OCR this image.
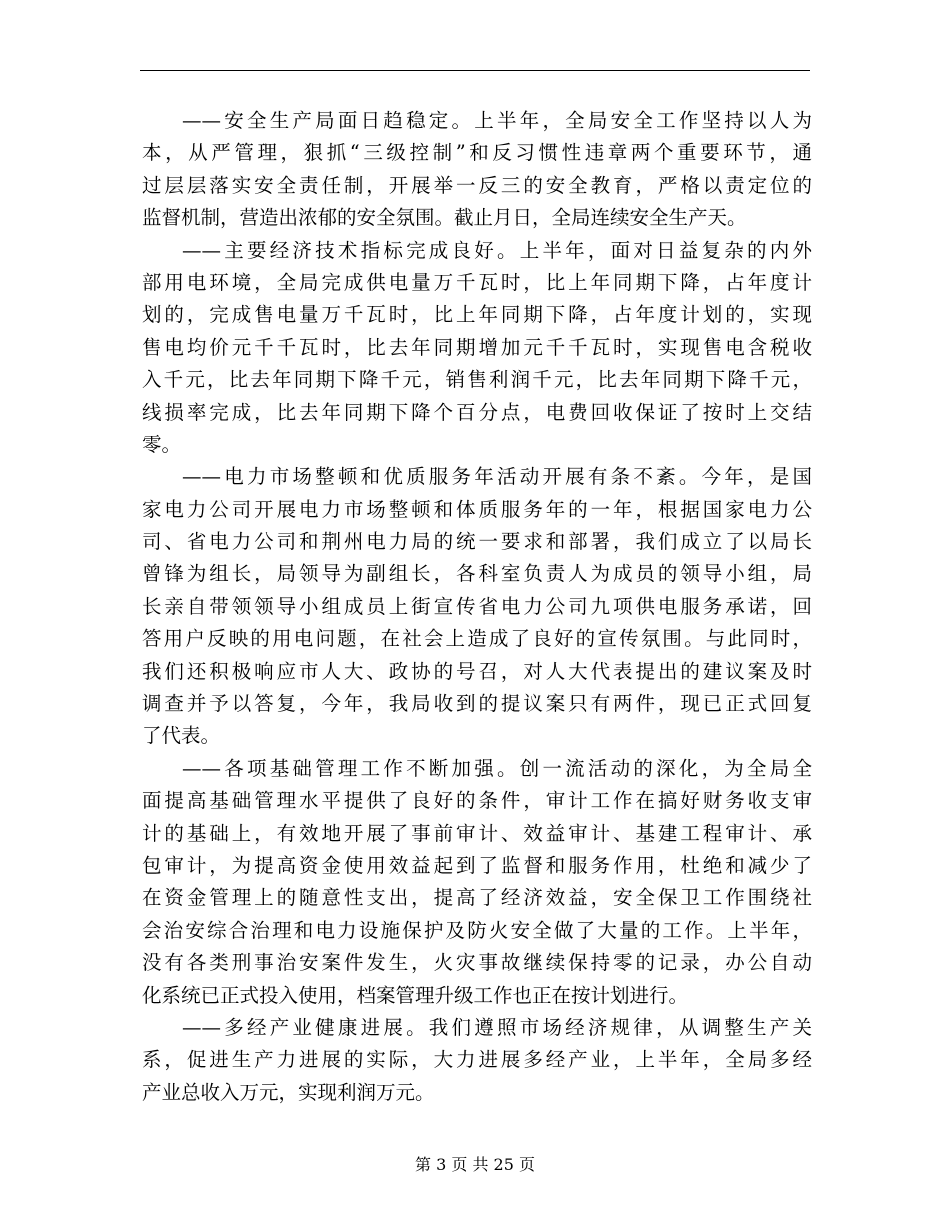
——安全生产局面日趋稳定。上半年，全局安全工作坚持以人为
本，从严管理，狠抓“三级控制”和反习惯性违章两个重要环节，通
过层层落实安全责任制，开展举一反三的安全教育，严格以责定位的
监督机制，营造出浓郁的安全氛围。截止月日，全局连续安全生产天。
——主要经济技术指标完成良好。上半年，面对日益复杂的内外
部用电环境，全局完成供电量万千瓦时，比上年同期下降，占年度计
划的，完成售电量万千瓦时，比上年同期下降，占年度计划的，实现
售电均价元千千瓦时，比去年同期增加元千千瓦时，实现售电含税收
入千元，比去年同期下降千元，销售利润千元，比去年同期下降千元，
线损率完成，比去年同期下降个百分点，电费回收保证了按时上交结
零。
——电力市场整顿和优质服务年活动开展有条不紊。今年，是国
家电力公司开展电力市场整顿和体质服务年的一年，根据国家电力公
司、省电力公司和荆州电力局的统一要求和部署，我们成立了以局长
曾锋为组长，局领导为副组长，各科室负责人为成员的领导小组，局
长亲自带领领导小组成员上街宣传省电力公司九项供电服务承诺，回
答用户反映的用电问题，在社会上造成了良好的宣传氛围。与此同时，
我们还积极响应市人大、政协的号召，对人大代表提出的建议案及时
调查并予以答复，今年，我局收到的提议案只有两件，现已正式回复
了代表。
——各项基础管理工作不断加强。创一流活动的深化，为全局全
面提高基础管理水平提供了良好的条件，审计工作在搞好财务收支审
计的基础上，有效地开展了事前审计、效益审计、基建工程审计、承
包审计，为提高资金使用效益起到了监督和服务作用，杜绝和减少了
在资金管理上的随意性支出，提高了经济效益，安全保卫工作围绕社
会治安综合治理和电力设施保护及防火安全做了大量的工作。上半年，
没有各类刑事治安案件发生，火灾事故继续保持零的记录，办公自动
化系统已正式投入使用，档案管理升级工作也正在按计划进行。
——多经产业健康进展。我们遵照市场经济规律，从调整生产关
系，促进生产力进展的实际，大力进展多经产业，上半年，全局多经
产业总收入万元，实现利润万元。
第 3 页 共 25 页
